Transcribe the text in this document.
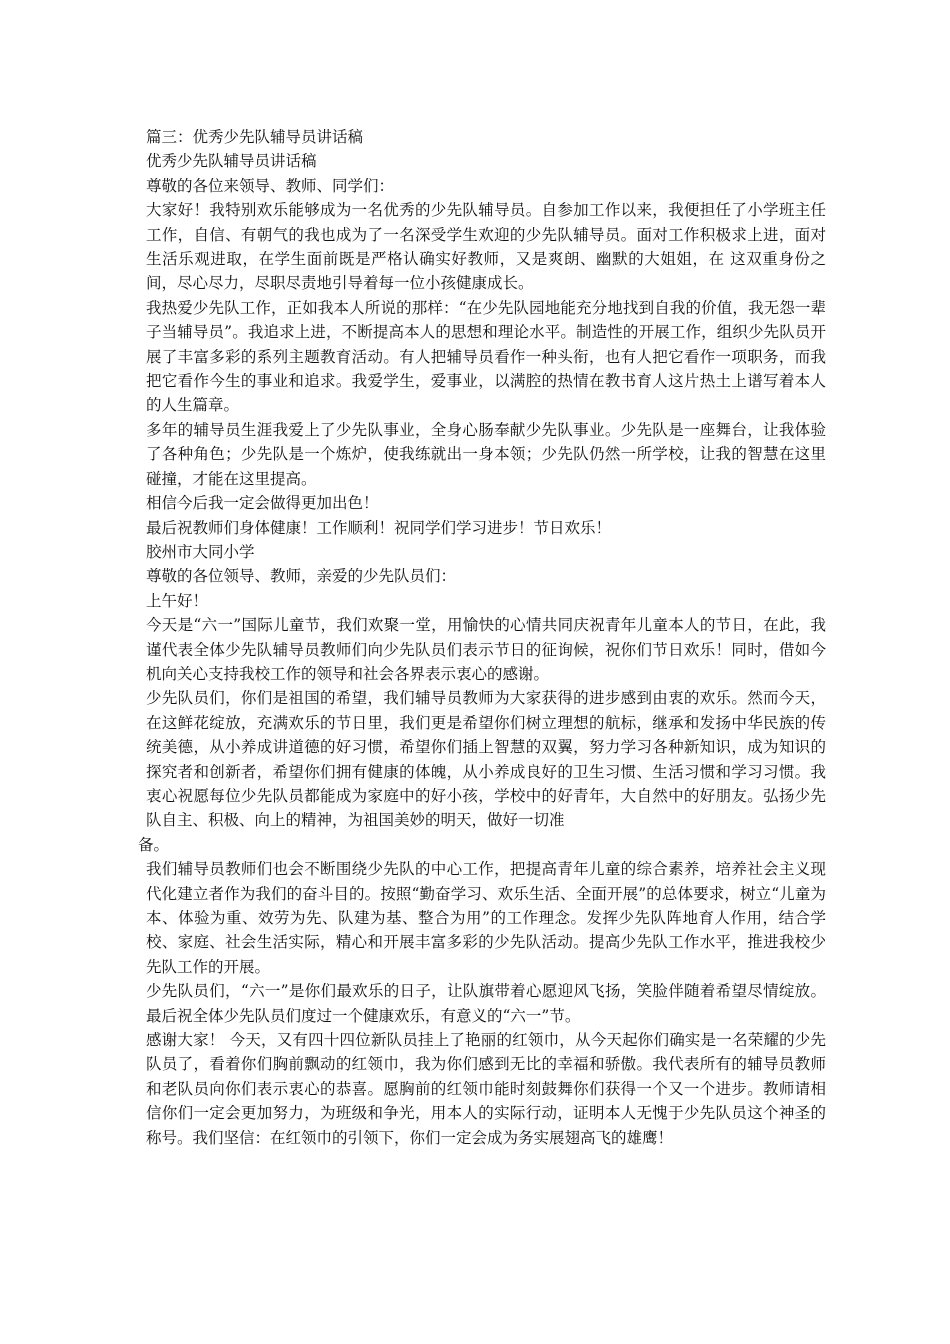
篇三：优秀少先队辅导员讲话稿

优秀少先队辅导员讲话稿

尊敬的各位来领导、教师、同学们：

大家好！我特别欢乐能够成为一名优秀的少先队辅导员。自参加工作以来，我便担任了小学班主任工作，自信、有朝气的我也成为了一名深受学生欢迎的少先队辅导员。面对工作积极求上进，面对生活乐观进取，在学生面前既是严格认确实好教师，又是爽朗、幽默的大姐姐，在 这双重身份之间，尽心尽力，尽职尽责地引导着每一位小孩健康成长。

我热爱少先队工作，正如我本人所说的那样：“在少先队园地能充分地找到自我的价值，我无怨一辈子当辅导员”。我追求上进，不断提高本人的思想和理论水平。制造性的开展工作，组织少先队员开展了丰富多彩的系列主题教育活动。有人把辅导员看作一种头衔，也有人把它看作一项职务，而我把它看作今生的事业和追求。我爱学生，爱事业，以满腔的热情在教书育人这片热土上谱写着本人的人生篇章。

多年的辅导员生涯我爱上了少先队事业，全身心肠奉献少先队事业。少先队是一座舞台，让我体验了各种角色；少先队是一个炼炉，使我练就出一身本领；少先队仍然一所学校，让我的智慧在这里碰撞，才能在这里提高。

相信今后我一定会做得更加出色！

最后祝教师们身体健康！工作顺利！祝同学们学习进步！节日欢乐！

胶州市大同小学

尊敬的各位领导、教师，亲爱的少先队员们：

上午好！

今天是“六一”国际儿童节，我们欢聚一堂，用愉快的心情共同庆祝青年儿童本人的节日，在此，我谨代表全体少先队辅导员教师们向少先队员们表示节日的征询候，祝你们节日欢乐！同时，借如今机向关心支持我校工作的领导和社会各界表示衷心的感谢。

少先队员们，你们是祖国的希望，我们辅导员教师为大家获得的进步感到由衷的欢乐。然而今天，在这鲜花绽放，充满欢乐的节日里，我们更是希望你们树立理想的航标，继承和发扬中华民族的传统美德，从小养成讲道德的好习惯，希望你们插上智慧的双翼，努力学习各种新知识，成为知识的探究者和创新者，希望你们拥有健康的体魄，从小养成良好的卫生习惯、生活习惯和学习习惯。我衷心祝愿每位少先队员都能成为家庭中的好小孩，学校中的好青年，大自然中的好朋友。弘扬少先队自主、积极、向上的精神，为祖国美妙的明天，做好一切准

备。

我们辅导员教师们也会不断围绕少先队的中心工作，把提高青年儿童的综合素养，培养社会主义现代化建立者作为我们的奋斗目的。按照“勤奋学习、欢乐生活、全面开展”的总体要求，树立“儿童为本、体验为重、效劳为先、队建为基、整合为用”的工作理念。发挥少先队阵地育人作用，结合学校、家庭、社会生活实际，精心和开展丰富多彩的少先队活动。提高少先队工作水平，推进我校少先队工作的开展。

少先队员们，“六一”是你们最欢乐的日子，让队旗带着心愿迎风飞扬，笑脸伴随着希望尽情绽放。最后祝全体少先队员们度过一个健康欢乐，有意义的“六一”节。

感谢大家！ 今天，又有四十四位新队员挂上了艳丽的红领巾，从今天起你们确实是一名荣耀的少先队员了，看着你们胸前飘动的红领巾，我为你们感到无比的幸福和骄傲。我代表所有的辅导员教师和老队员向你们表示衷心的恭喜。愿胸前的红领巾能时刻鼓舞你们获得一个又一个进步。教师请相信你们一定会更加努力，为班级和争光，用本人的实际行动，证明本人无愧于少先队员这个神圣的称号。我们坚信：在红领巾的引领下，你们一定会成为务实展翅高飞的雄鹰！
